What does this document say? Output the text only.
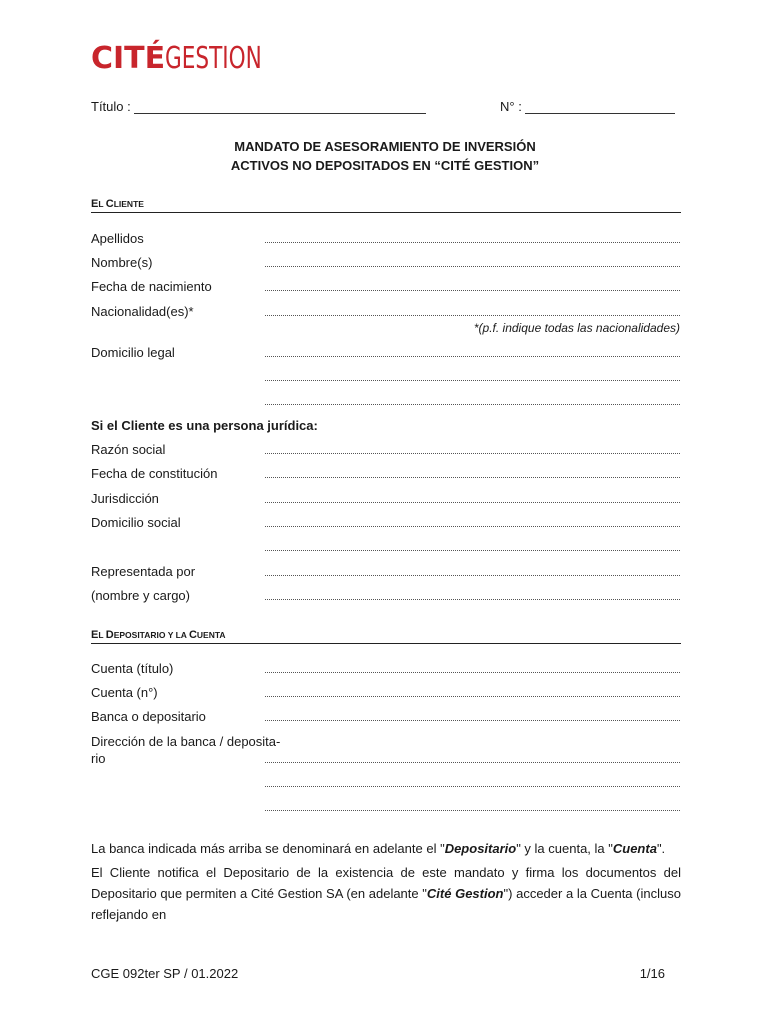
CITÉGESTION
Título :	N° :
MANDATO DE ASESORAMIENTO DE INVERSIÓN
ACTIVOS NO DEPOSITADOS EN “CITÉ GESTION”
EL CLIENTE
Apellidos
Nombre(s)
Fecha de nacimiento
Nacionalidad(es)*
*(p.f. indique todas las nacionalidades)
Domicilio legal
Si el Cliente es una persona jurídica:
Razón social
Fecha de constitución
Jurisdicción
Domicilio social
Representada por
(nombre y cargo)
EL DEPOSITARIO Y LA CUENTA
Cuenta (título)
Cuenta (n°)
Banca o depositario
Dirección de la banca / deposita-
rio
La banca indicada más arriba se denominará en adelante el "Depositario" y la cuenta, la "Cuenta".
El Cliente notifica el Depositario de la existencia de este mandato y firma los documentos del Depositario que permiten a Cité Gestion SA (en adelante "Cité Gestion") acceder a la Cuenta (incluso reflejando en
CGE 092ter SP / 01.2022	1/16
